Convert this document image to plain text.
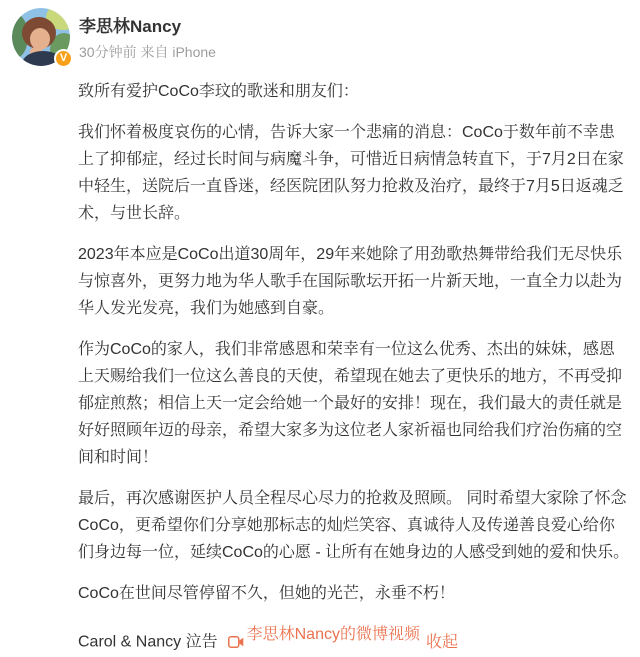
V
李思林Nancy
30分钟前 来自 iPhone

致所有爱护CoCo李玟的歌迷和朋友们：

我们怀着极度哀伤的心情，告诉大家一个悲痛的消息：CoCo于数年前不幸患上了抑郁症，经过长时间与病魔斗争，可惜近日病情急转直下，于7月2日在家中轻生，送院后一直昏迷，经医院团队努力抢救及治疗，最终于7月5日返魂乏术，与世长辞。

2023年本应是CoCo出道30周年，29年来她除了用劲歌热舞带给我们无尽快乐与惊喜外，更努力地为华人歌手在国际歌坛开拓一片新天地，一直全力以赴为华人发光发亮，我们为她感到自豪。

作为CoCo的家人，我们非常感恩和荣幸有一位这么优秀、杰出的妹妹，感恩上天赐给我们一位这么善良的天使，希望现在她去了更快乐的地方，不再受抑郁症煎熬；相信上天一定会给她一个最好的安排！现在，我们最大的责任就是好好照顾年迈的母亲，希望大家多为这位老人家祈福也同给我们疗治伤痛的空间和时间！

最后，再次感谢医护人员全程尽心尽力的抢救及照顾。 同时希望大家除了怀念CoCo，更希望你们分享她那标志的灿烂笑容、真诚待人及传递善良爱心给你们身边每一位，延续CoCo的心愿 - 让所有在她身边的人感受到她的爱和快乐。

CoCo在世间尽管停留不久，但她的光芒，永垂不朽！

Carol & Nancy 泣告 李思林Nancy的微博视频 收起
